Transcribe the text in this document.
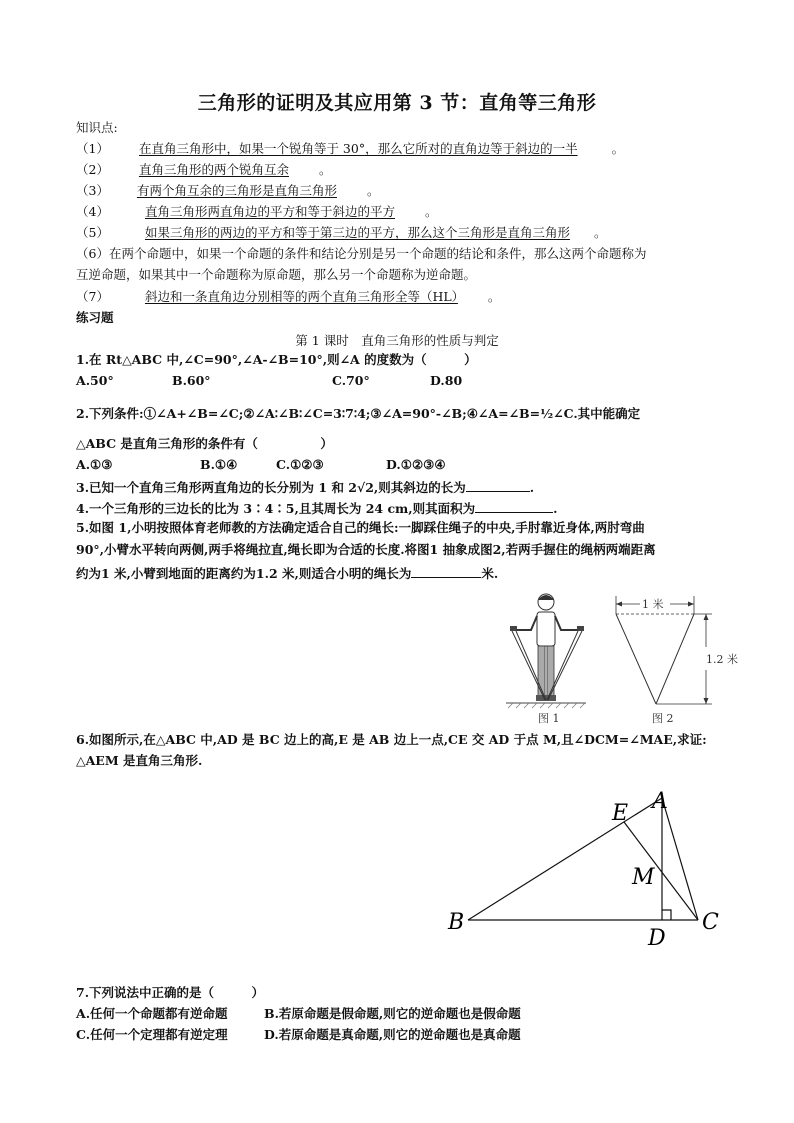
三角形的证明及其应用第 3 节：直角等三角形
知识点:
（1） 在直角三角形中，如果一个锐角等于 30°，那么它所对的直角边等于斜边的一半	。
（2） 直角三角形的两个锐角互余 。
（3） 有两个角互余的三角形是直角三角形 。
（4）	直角三角形两直角边的平方和等于斜边的平方 。
（5）	如果三角形的两边的平方和等于第三边的平方，那么这个三角形是直角三角形 。
（6）在两个命题中，如果一个命题的条件和结论分别是另一个命题的结论和条件，那么这两个命题称为
互逆命题，如果其中一个命题称为原命题，那么另一个命题称为逆命题。
（7）	斜边和一条直角边分别相等的两个直角三角形全等（HL） 。
练习题
第 1 课时　直角三角形的性质与判定
1.在 Rt△ABC 中,∠C=90°,∠A-∠B=10°,则∠A 的度数为（　　　）
A.50°	B.60°	C.70°	D.80
2.下列条件:①∠A+∠B=∠C;②∠A∶∠B∶∠C=3∶7∶4;③∠A=90°-∠B;④∠A=∠B=½∠C.其中能确定
△ABC 是直角三角形的条件有（　　　　　）
A.①③	B.①④	C.①②③	D.①②③④
3.已知一个直角三角形两直角边的长分别为 1 和 2√2,则其斜边的长为	.
4.一个三角形的三边长的比为 3∶4∶5,且其周长为 24 cm,则其面积为	.
5.如图 1,小明按照体育老师教的方法确定适合自己的绳长:一脚踩住绳子的中央,手肘靠近身体,两肘弯曲
90°,小臂水平转向两侧,两手将绳拉直,绳长即为合适的长度.将图1 抽象成图2,若两手握住的绳柄两端距离
约为1 米,小臂到地面的距离约为1.2 米,则适合小明的绳长为	米.
图 1
1 米
1.2 米
图 2
6.如图所示,在△ABC 中,AD 是 BC 边上的高,E 是 AB 边上一点,CE 交 AD 于点 M,且∠DCM=∠MAE,求证:
△AEM 是直角三角形.
A
B	C
D
E
M
7.下列说法中正确的是（　　　）
A.任何一个命题都有逆命题	B.若原命题是假命题,则它的逆命题也是假命题
C.任何一个定理都有逆定理	D.若原命题是真命题,则它的逆命题也是真命题
